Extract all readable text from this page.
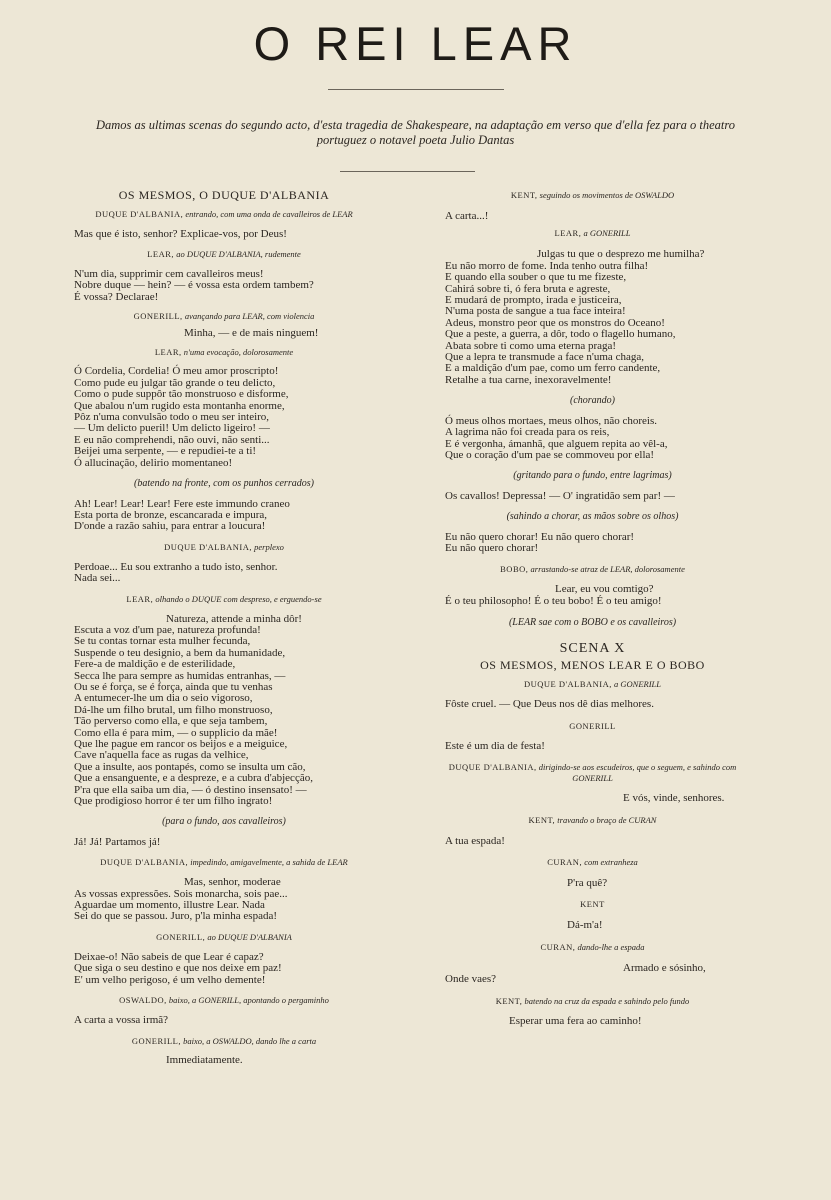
O REI LEAR
Damos as ultimas scenas do segundo acto, d'esta tragedia de Shakespeare, na adaptação em verso que d'ella fez para o theatro portuguez o notavel poeta Julio Dantas

OS MESMOS, O DUQUE D'ALBANIA

DUQUE D'ALBANIA, entrando, com uma onda de cavalleiros de LEAR

Mas que é isto, senhor? Explicae-vos, por Deus!

LEAR, ao DUQUE D'ALBANIA, rudemente

N'um dia, supprimir cem cavalleiros meus!

Nobre duque — hein? — é vossa esta ordem tambem?

É vossa? Declarae!

GONERILL, avançando para LEAR, com violencia

Minha, — e de mais ninguem!

LEAR, n'uma evocação, dolorosamente

Ó Cordelia, Cordelia! Ó meu amor proscripto!

Como pude eu julgar tão grande o teu delicto,

Como o pude suppôr tão monstruoso e disforme,

Que abalou n'um rugido esta montanha enorme,

Pôz n'uma convulsão todo o meu ser inteiro,

— Um delicto pueril! Um delicto ligeiro! —

E eu não comprehendi, não ouvi, não senti...

Beijei uma serpente, — e repudiei-te a ti!

Ó allucinação, delirio momentaneo!

(batendo na fronte, com os punhos cerrados)

Ah! Lear! Lear! Lear! Fere este immundo craneo

Esta porta de bronze, escancarada e impura,

D'onde a razão sahiu, para entrar a loucura!

DUQUE D'ALBANIA, perplexo

Perdoae... Eu sou extranho a tudo isto, senhor.

Nada sei...

LEAR, olhando o DUQUE com despreso, e erguendo-se

Natureza, attende a minha dôr!

Escuta a voz d'um pae, natureza profunda!

Se tu contas tornar esta mulher fecunda,

Suspende o teu designio, a bem da humanidade,

Fere-a de maldição e de esterilidade,

Secca lhe para sempre as humidas entranhas, —

Ou se é força, se é força, ainda que tu venhas

A entumecer-lhe um dia o seio vigoroso,

Dá-lhe um filho brutal, um filho monstruoso,

Tão perverso como ella, e que seja tambem,

Como ella é para mim, — o supplicio da mãe!

Que lhe pague em rancor os beijos e a meiguice,

Cave n'aquella face as rugas da velhice,

Que a insulte, aos pontapés, como se insulta um cão,

Que a ensanguente, e a despreze, e a cubra d'abjecção,

P'ra que ella saiba um dia, — ó destino insensato! —

Que prodigioso horror é ter um filho ingrato!

(para o fundo, aos cavalleiros)

Já! Já! Partamos já!

DUQUE D'ALBANIA, impedindo, amigavelmente, a sahida de LEAR

Mas, senhor, moderae

As vossas expressões. Sois monarcha, sois pae...

Aguardae um momento, illustre Lear. Nada

Sei do que se passou. Juro, p'la minha espada!

GONERILL, ao DUQUE D'ALBANIA

Deixae-o! Não sabeis de que Lear é capaz?

Que siga o seu destino e que nos deixe em paz!

E' um velho perigoso, é um velho demente!

OSWALDO, baixo, a GONERILL, apontando o pergaminho

A carta a vossa irmã?

GONERILL, baixo, a OSWALDO, dando lhe a carta

Immediatamente.

KENT, seguindo os movimentos de OSWALDO

A carta...!

LEAR, a GONERILL

Julgas tu que o desprezo me humilha?

Eu não morro de fome. Inda tenho outra filha!

E quando ella souber o que tu me fizeste,

Cahirá sobre ti, ó fera bruta e agreste,

E mudará de prompto, irada e justiceira,

N'uma posta de sangue a tua face inteira!

Adeus, monstro peor que os monstros do Oceano!

Que a peste, a guerra, a dôr, todo o flagello humano,

Abata sobre ti como uma eterna praga!

Que a lepra te transmude a face n'uma chaga,

E a maldição d'um pae, como um ferro candente,

Retalhe a tua carne, inexoravelmente!

(chorando)

Ó meus olhos mortaes, meus olhos, não choreis.

A lagrima não foi creada para os reis,

E é vergonha, ámanhã, que alguem repita ao vêl-a,

Que o coração d'um pae se commoveu por ella!

(gritando para o fundo, entre lagrimas)

Os cavallos! Depressa! — O' ingratidão sem par! —

(sahindo a chorar, as mãos sobre os olhos)

Eu não quero chorar! Eu não quero chorar!

Eu não quero chorar!

BOBO, arrastando-se atraz de LEAR, dolorosamente

Lear, eu vou comtigo?

É o teu philosopho! É o teu bobo! É o teu amigo!

(LEAR sae com o BOBO e os cavalleiros)

SCENA X

OS MESMOS, MENOS LEAR E O BOBO

DUQUE D'ALBANIA, a GONERILL

Fôste cruel. — Que Deus nos dê dias melhores.

GONERILL

Este é um dia de festa!

DUQUE D'ALBANIA, dirigindo-se aos escudeiros, que o seguem, e sahindo com GONERILL

E vós, vinde, senhores.

KENT, travando o braço de CURAN

A tua espada!

CURAN, com extranheza

P'ra quê?

KENT

Dá-m'a!

CURAN, dando-lhe a espada

Armado e sósinho,

Onde vaes?

KENT, batendo na cruz da espada e sahindo pelo fundo

Esperar uma fera ao caminho!
